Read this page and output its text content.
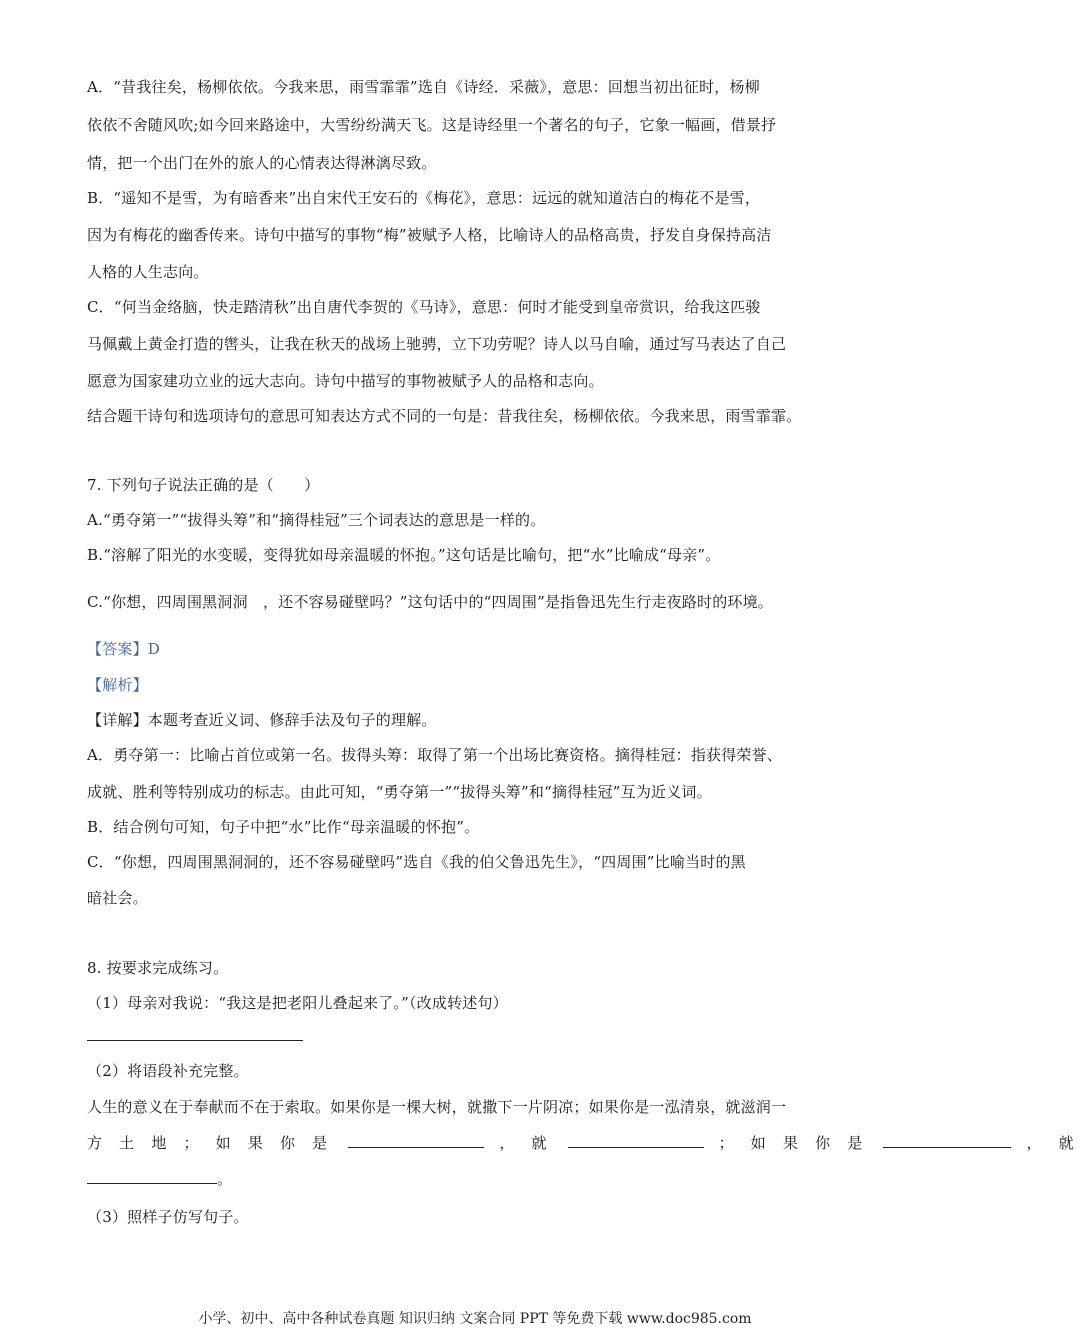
A．“昔我往矣，杨柳依依。今我来思，雨雪霏霏”选自《诗经．采薇》，意思：回想当初出征时，杨柳
依依不舍随风吹;如今回来路途中，大雪纷纷满天飞。这是诗经里一个著名的句子，它象一幅画，借景抒
情，把一个出门在外的旅人的心情表达得淋漓尽致。
B．“遥知不是雪，为有暗香来”出自宋代王安石的《梅花》，意思：远远的就知道洁白的梅花不是雪，
因为有梅花的幽香传来。诗句中描写的事物“梅”被赋予人格，比喻诗人的品格高贵，抒发自身保持高洁
人格的人生志向。
C．“何当金络脑，快走踏清秋”出自唐代李贺的《马诗》，意思：何时才能受到皇帝赏识，给我这匹骏
马佩戴上黄金打造的辔头，让我在秋天的战场上驰骋，立下功劳呢？诗人以马自喻，通过写马表达了自己
愿意为国家建功立业的远大志向。诗句中描写的事物被赋予人的品格和志向。
结合题干诗句和选项诗句的意思可知表达方式不同的一句是：昔我往矣，杨柳依依。今我来思，雨雪霏霏。
7. 下列句子说法正确的是（　　）
A.“勇夺第一”“拔得头筹”和“摘得桂冠”三个词表达的意思是一样的。
B.“溶解了阳光的水变暖，变得犹如母亲温暖的怀抱。”这句话是比喻句，把“水”比喻成“母亲”。
C.“你想，四周围黑洞洞　，还不容易碰壁吗？”这句话中的“四周围”是指鲁迅先生行走夜路时的环境。
【答案】D
【解析】
【详解】本题考查近义词、修辞手法及句子的理解。
A．勇夺第一：比喻占首位或第一名。拔得头筹：取得了第一个出场比赛资格。摘得桂冠：指获得荣誉、
成就、胜利等特别成功的标志。由此可知，“勇夺第一”“拔得头筹”和“摘得桂冠”互为近义词。
B．结合例句可知，句子中把“水”比作“母亲温暖的怀抱”。
C．“你想，四周围黑洞洞的，还不容易碰壁吗”选自《我的伯父鲁迅先生》，“四周围”比喻当时的黑
暗社会。
8. 按要求完成练习。
（1）母亲对我说：“我这是把老阳儿叠起来了。”（改成转述句）
（2）将语段补充完整。
人生的意义在于奉献而不在于索取。如果你是一棵大树，就撒下一片阴凉；如果你是一泓清泉，就滋润一
方 土 地 ； 如 果 你 是	， 就	； 如 果 你 是	， 就
。
（3）照样子仿写句子。
小学、初中、高中各种试卷真题 知识归纳 文案合同 PPT 等免费下载 www.doc985.com
